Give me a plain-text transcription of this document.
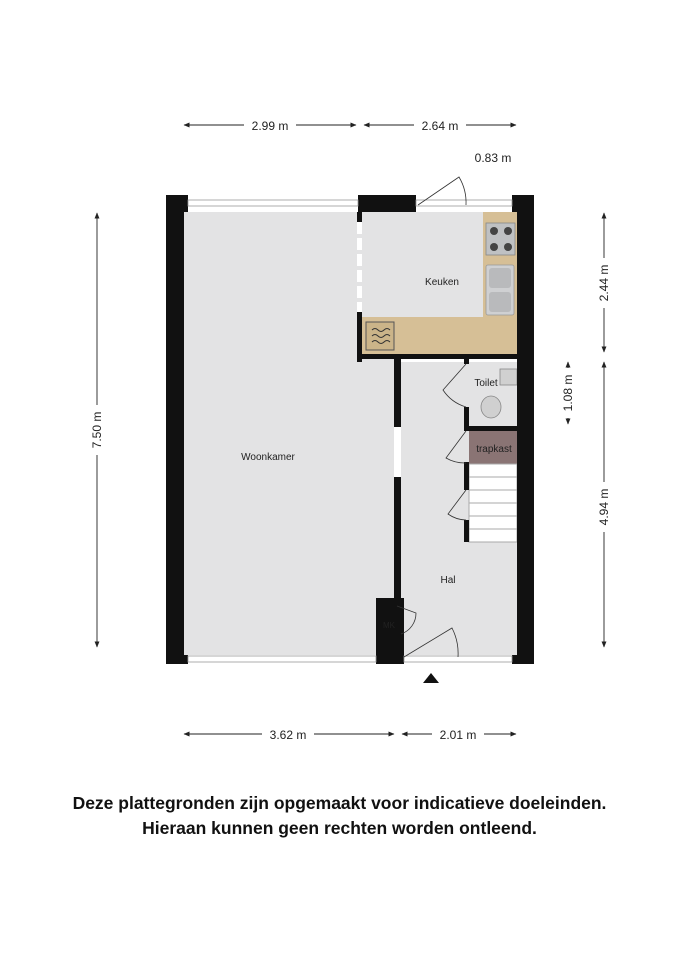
2.99 m	2.64 m
0.83 m
7.50 m
2.44 m
1.08 m
4.94 m
3.62 m	2.01 m
Woonkamer
Keuken
Toilet
trapkast
Hal
MK
Deze plattegronden zijn opgemaakt voor indicatieve doeleinden.
Hieraan kunnen geen rechten worden ontleend.
